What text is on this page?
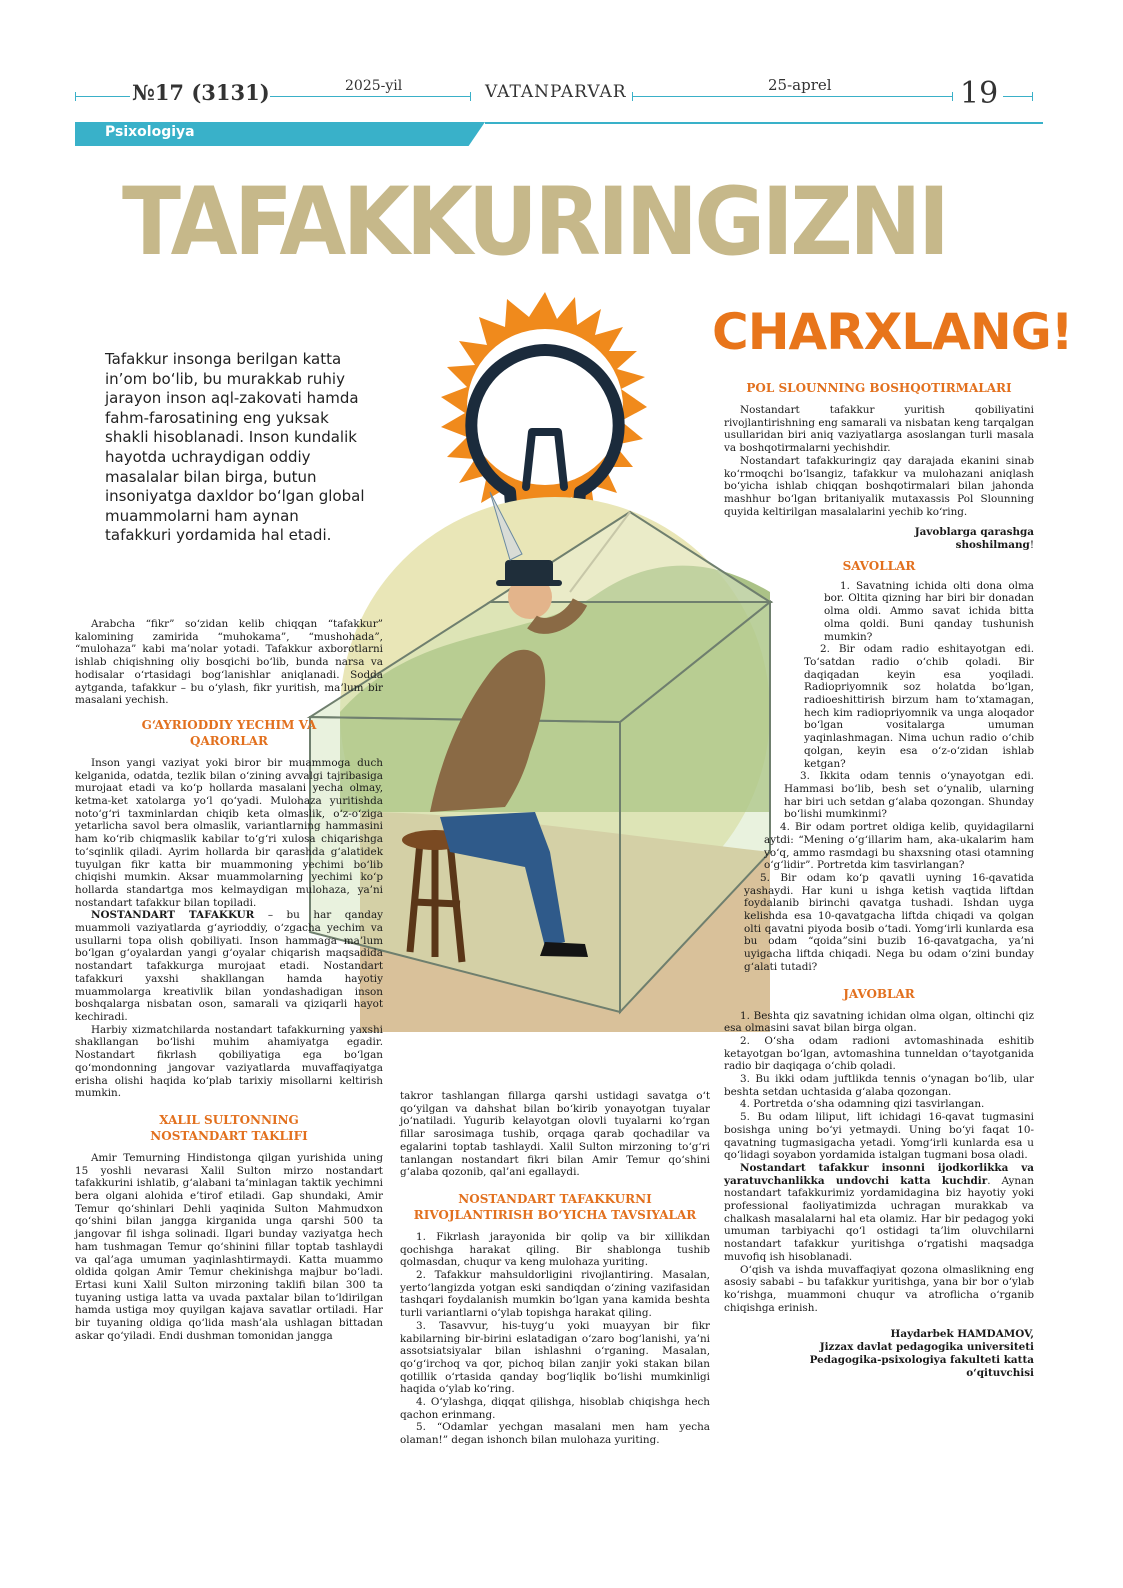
№17 (3131)	2025-yil	VATANPARVAR	25-aprel	19
Psixologiya
TAFAKKURINGIZNI
CHARXLANG!
Tafakkur insonga berilgan katta in’om bo‘lib, bu murakkab ruhiy jarayon inson aql-zakovati hamda fahm-farosatining eng yuksak shakli hisoblanadi. Inson kundalik hayotda uchraydigan oddiy masalalar bilan birga, butun insoniyatga daxldor bo‘lgan global muammolarni ham aynan tafakkuri yordamida hal etadi.

Arabcha “fikr” so‘zidan kelib chiqqan “tafakkur” kalomining zamirida “muhokama”, “mushohada”, “mulohaza” kabi ma’nolar yotadi. Tafakkur axborotlarni ishlab chiqishning oliy bosqichi bo‘lib, bunda narsa va hodisalar o‘rtasidagi bog‘lanishlar aniqlanadi. Sodda aytganda, tafakkur – bu o‘ylash, fikr yuritish, ma’lum bir masalani yechish.

G‘AYRIODDIY YECHIM VA QARORLAR

Inson yangi vaziyat yoki biror bir muammoga duch kelganida, odatda, tezlik bilan o‘zining avvalgi tajribasiga murojaat etadi va ko‘p hollarda masalani yecha olmay, ketma-ket xatolarga yo‘l qo‘yadi. Mulohaza yuritishda noto‘g‘ri taxminlardan chiqib keta olmaslik, o‘z-o‘ziga yetarlicha savol bera olmaslik, variantlarning hammasini ham ko‘rib chiqmaslik kabilar to‘g‘ri xulosa chiqarishga to‘sqinlik qiladi. Ayrim hollarda bir qarashda g‘alatidek tuyulgan fikr katta bir muammoning yechimi bo‘lib chiqishi mumkin. Aksar muammolarning yechimi ko‘p hollarda standartga mos kelmaydigan mulohaza, ya’ni nostandart tafakkur bilan topiladi.

NOSTANDART TAFAKKUR – bu har qanday muammoli vaziyatlarda g‘ayrioddiy, o‘zgacha yechim va usullarni topa olish qobiliyati. Inson hammaga ma’lum bo‘lgan g‘oyalardan yangi g‘oyalar chiqarish maqsadida nostandart tafakkurga murojaat etadi. Nostandart tafakkuri yaxshi shakllangan hamda hayotiy muammolarga kreativlik bilan yondashadigan inson boshqalarga nisbatan oson, samarali va qiziqarli hayot kechiradi.

Harbiy xizmatchilarda nostandart tafakkurning yaxshi shakllangan bo‘lishi muhim ahamiyatga egadir. Nostandart fikrlash qobiliyatiga ega bo‘lgan qo‘mondonning jangovar vaziyatlarda muvaffaqiyatga erisha olishi haqida ko‘plab tarixiy misollarni keltirish mumkin.

XALIL SULTONNING NOSTANDART TAKLIFI

Amir Temurning Hindistonga qilgan yurishida uning 15 yoshli nevarasi Xalil Sulton mirzo nostandart tafakkurini ishlatib, g‘alabani ta’minlagan taktik yechimni bera olgani alohida e’tirof etiladi. Gap shundaki, Amir Temur qo‘shinlari Dehli yaqinida Sulton Mahmudxon qo‘shini bilan jangga kirganida unga qarshi 500 ta jangovar fil ishga solinadi. Ilgari bunday vaziyatga hech ham tushmagan Temur qo‘shinini fillar toptab tashlaydi va qal’aga umuman yaqinlashtirmaydi. Katta muammo oldida qolgan Amir Temur chekinishga majbur bo‘ladi. Ertasi kuni Xalil Sulton mirzoning taklifi bilan 300 ta tuyaning ustiga latta va uvada paxtalar bilan to‘ldirilgan hamda ustiga moy quyilgan kajava savatlar ortiladi. Har bir tuyaning oldiga qo‘lida mash’ala ushlagan bittadan askar qo‘yiladi. Endi dushman tomonidan jangga

takror tashlangan fillarga qarshi ustidagi savatga o‘t qo‘yilgan va dahshat bilan bo‘kirib yonayotgan tuyalar jo‘natiladi. Yugurib kelayotgan olovli tuyalarni ko‘rgan fillar sarosimaga tushib, orqaga qarab qochadilar va egalarini toptab tashlaydi. Xalil Sulton mirzoning to‘g‘ri tanlangan nostandart fikri bilan Amir Temur qo‘shini g‘alaba qozonib, qal’ani egallaydi.

NOSTANDART TAFAKKURNI RIVOJLANTIRISH BO‘YICHA TAVSIYALAR

1. Fikrlash jarayonida bir qolip va bir xillikdan qochishga harakat qiling. Bir shablonga tushib qolmasdan, chuqur va keng mulohaza yuriting.

2. Tafakkur mahsuldorligini rivojlantiring. Masalan, yerto‘langizda yotgan eski sandiqdan o‘zining vazifasidan tashqari foydalanish mumkin bo‘lgan yana kamida beshta turli variantlarni o‘ylab topishga harakat qiling.

3. Tasavvur, his-tuyg‘u yoki muayyan bir fikr kabilarning bir-birini eslatadigan o‘zaro bog‘lanishi, ya’ni assotsiatsiyalar bilan ishlashni o‘rganing. Masalan, qo‘g‘irchoq va qor, pichoq bilan zanjir yoki stakan bilan qotillik o‘rtasida qanday bog‘liqlik bo‘lishi mumkinligi haqida o‘ylab ko‘ring.

4. O‘ylashga, diqqat qilishga, hisoblab chiqishga hech qachon erinmang.

5. “Odamlar yechgan masalani men ham yecha olaman!” degan ishonch bilan mulohaza yuriting.

POL SLOUNNING BOSHQOTIRMALARI

Nostandart tafakkur yuritish qobiliyatini rivojlantirishning eng samarali va nisbatan keng tarqalgan usullaridan biri aniq vaziyatlarga asoslangan turli masala va boshqotirmalarni yechishdir.

Nostandart tafakkuringiz qay darajada ekanini sinab ko‘rmoqchi bo‘lsangiz, tafakkur va mulohazani aniqlash bo‘yicha ishlab chiqqan boshqotirmalari bilan jahonda mashhur bo‘lgan britaniyalik mutaxassis Pol Slounning quyida keltirilgan masalalarini yechib ko‘ring.

Javoblarga qarashga shoshilmang!

SAVOLLAR

1. Savatning ichida olti dona olma bor. Oltita qizning har biri bir donadan olma oldi. Ammo savat ichida bitta olma qoldi. Buni qanday tushunish mumkin?

2. Bir odam radio eshitayotgan edi. To‘satdan radio o‘chib qoladi. Bir daqiqadan keyin esa yoqiladi. Radiopriyomnik soz holatda bo‘lgan, radioeshittirish birzum ham to‘xtamagan, hech kim radiopriyomnik va unga aloqador bo‘lgan vositalarga umuman yaqinlashmagan. Nima uchun radio o‘chib qolgan, keyin esa o‘z-o‘zidan ishlab ketgan?

3. Ikkita odam tennis o‘ynayotgan edi. Hammasi bo‘lib, besh set o‘ynalib, ularning har biri uch setdan g‘alaba qozongan. Shunday bo‘lishi mumkinmi?

4. Bir odam portret oldiga kelib, quyidagilarni aytdi: “Mening o‘g‘illarim ham, aka-ukalarim ham yo‘q, ammo rasmdagi bu shaxsning otasi otamning o‘g‘lidir”. Portretda kim tasvirlangan?

5. Bir odam ko‘p qavatli uyning 16-qavatida yashaydi. Har kuni u ishga ketish vaqtida liftdan foydalanib birinchi qavatga tushadi. Ishdan uyga kelishda esa 10-qavatgacha liftda chiqadi va qolgan olti qavatni piyoda bosib o‘tadi. Yomg‘irli kunlarda esa bu odam “qoida”sini buzib 16-qavatgacha, ya’ni uyigacha liftda chiqadi. Nega bu odam o‘zini bunday g‘alati tutadi?

JAVOBLAR

1. Beshta qiz savatning ichidan olma olgan, oltinchi qiz esa olmasini savat bilan birga olgan.

2. O‘sha odam radioni avtomashinada eshitib ketayotgan bo‘lgan, avtomashina tunneldan o‘tayotganida radio bir daqiqaga o‘chib qoladi.

3. Bu ikki odam juftlikda tennis o‘ynagan bo‘lib, ular beshta setdan uchtasida g‘alaba qozongan.

4. Portretda o‘sha odamning qizi tasvirlangan.

5. Bu odam liliput, lift ichidagi 16-qavat tugmasini bosishga uning bo‘yi yetmaydi. Uning bo‘yi faqat 10-qavatning tugmasigacha yetadi. Yomg‘irli kunlarda esa u qo‘lidagi soyabon yordamida istalgan tugmani bosa oladi.

Nostandart tafakkur insonni ijodkorlikka va yaratuvchanlikka undovchi katta kuchdir. Aynan nostandart tafakkurimiz yordamidagina biz hayotiy yoki professional faoliyatimizda uchragan murakkab va chalkash masalalarni hal eta olamiz. Har bir pedagog yoki umuman tarbiyachi qo‘l ostidagi ta’lim oluvchilarni nostandart tafakkur yuritishga o‘rgatishi maqsadga muvofiq ish hisoblanadi.

O‘qish va ishda muvaffaqiyat qozona olmaslikning eng asosiy sababi – bu tafakkur yuritishga, yana bir bor o‘ylab ko‘rishga, muammoni chuqur va atroflicha o‘rganib chiqishga erinish.

Haydarbek HAMDAMOV,
Jizzax davlat pedagogika universiteti
Pedagogika-psixologiya fakulteti katta
o‘qituvchisi
